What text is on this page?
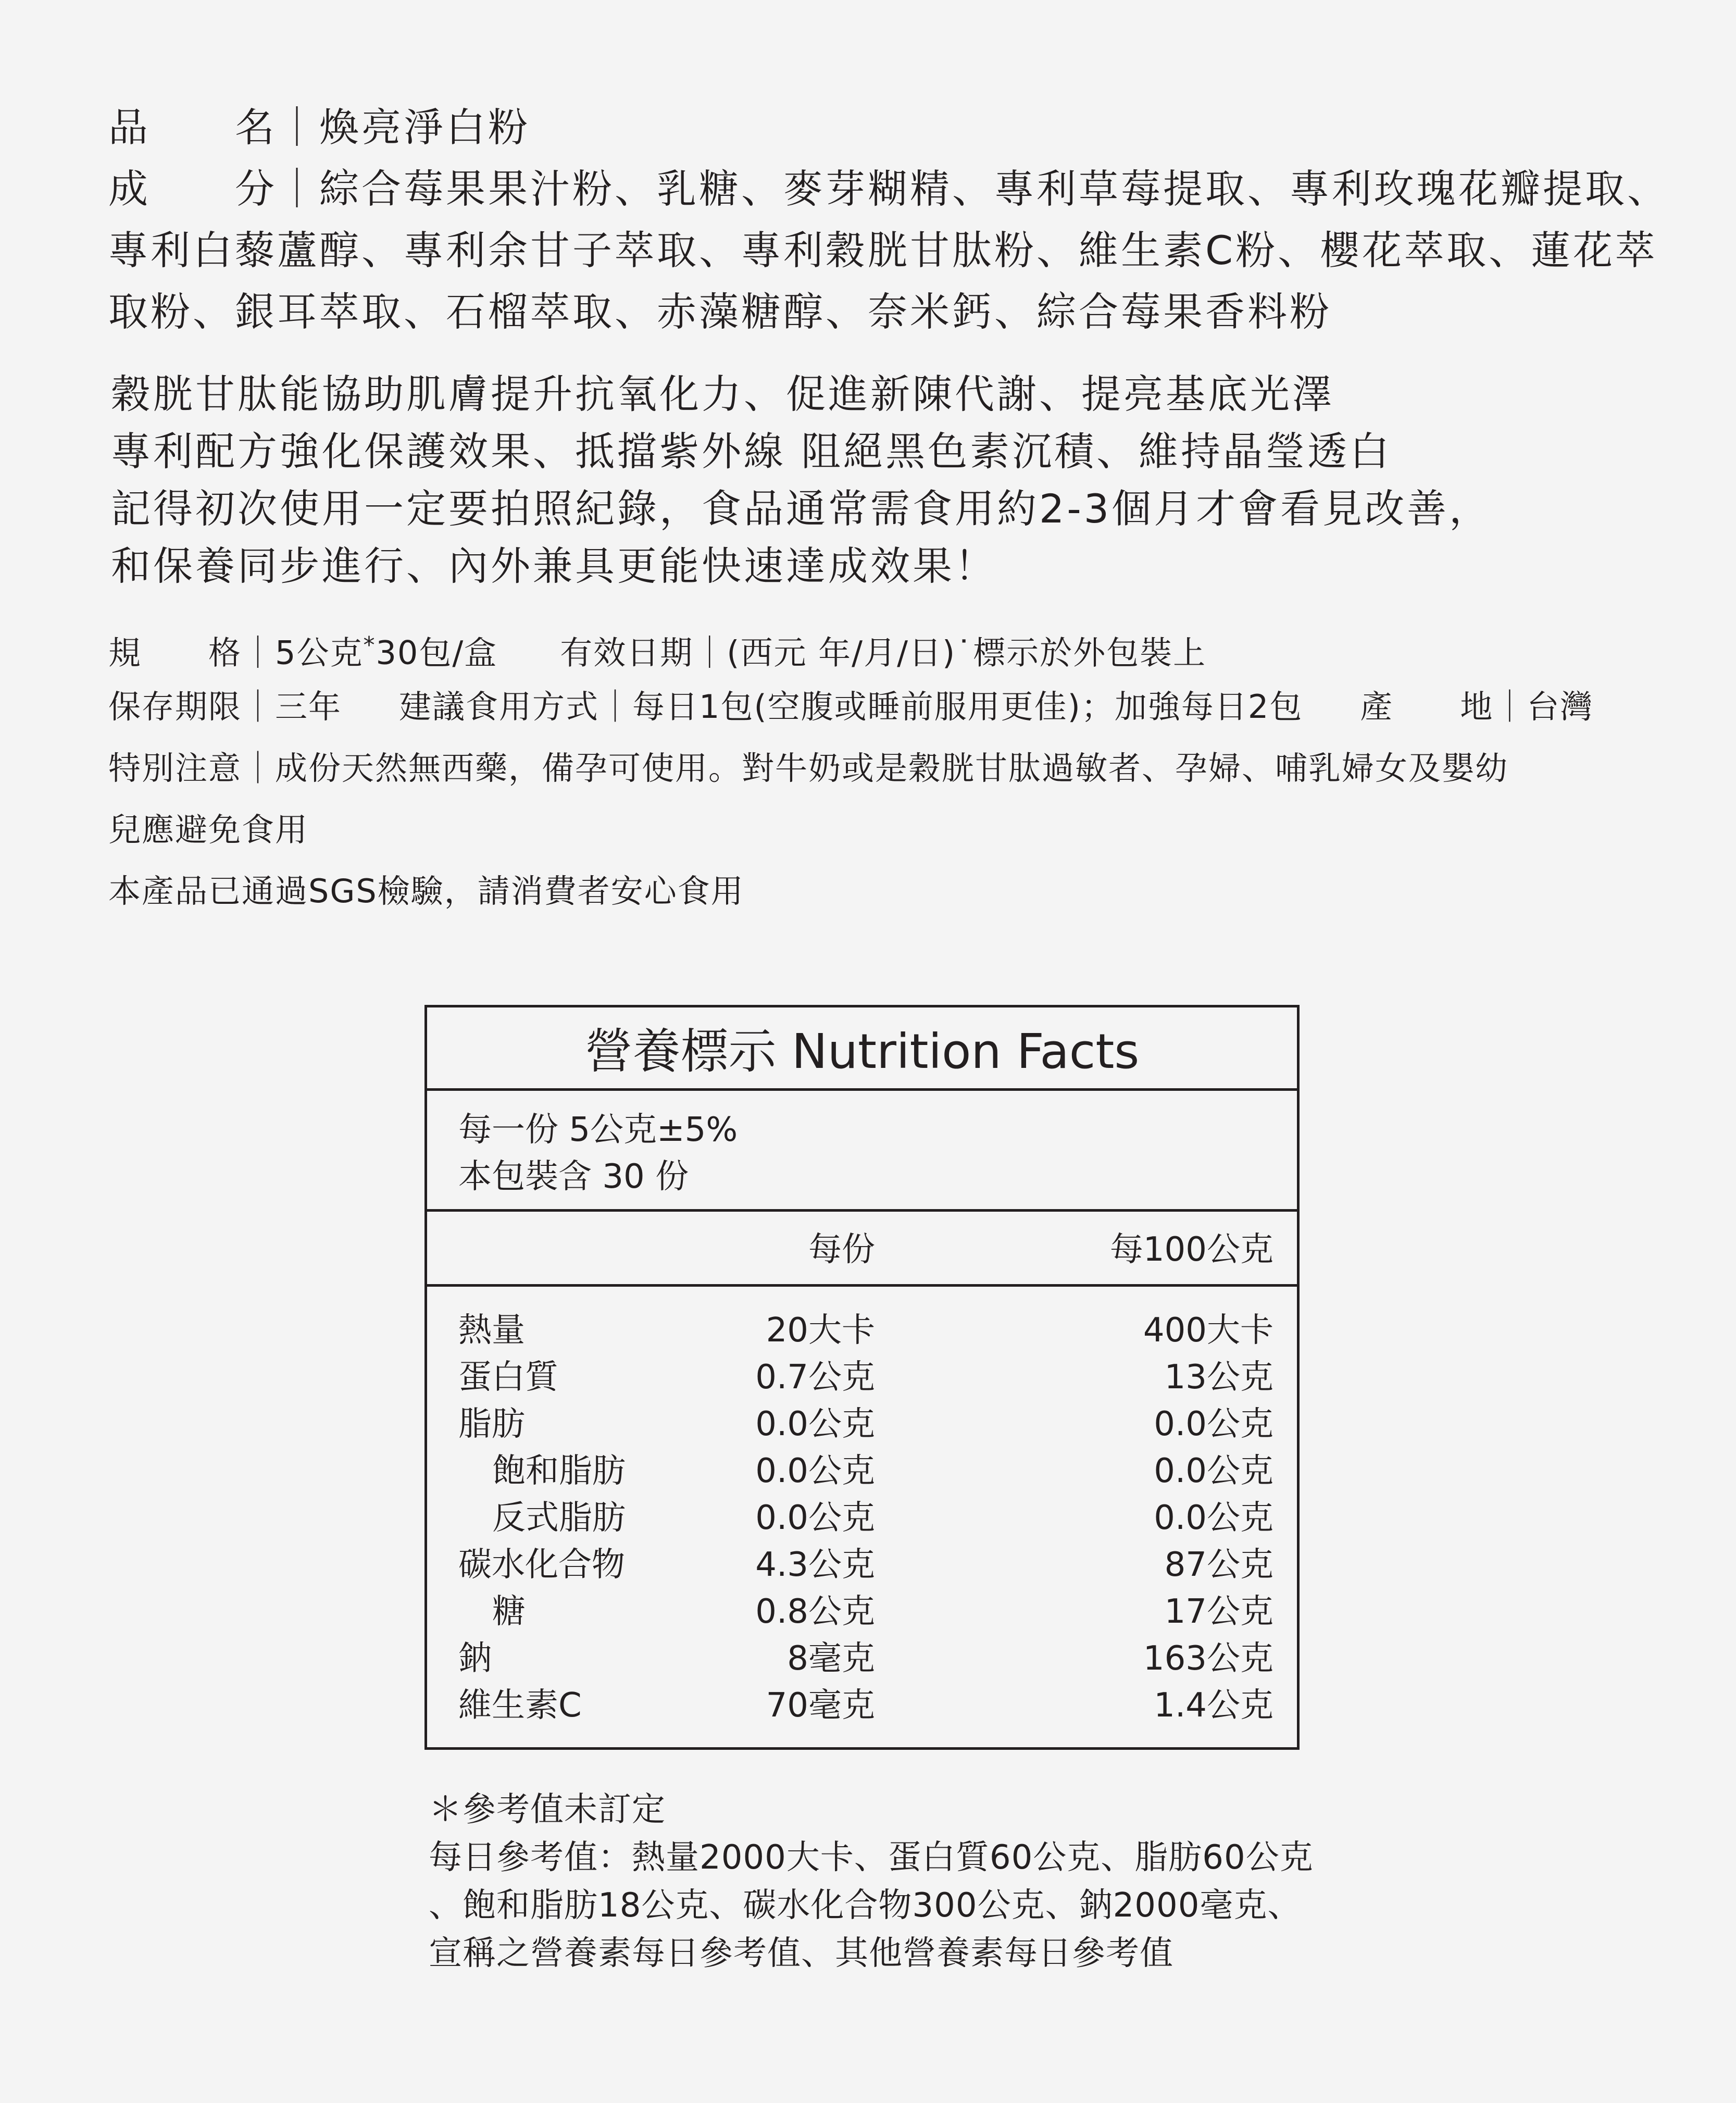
品　　名｜煥亮淨白粉
成　　分｜綜合莓果果汁粉、乳糖、麥芽糊精、專利草莓提取、專利玫瑰花瓣提取、
專利白藜蘆醇、專利余甘子萃取、專利穀胱甘肽粉、維生素C粉、櫻花萃取、蓮花萃
取粉、銀耳萃取、石榴萃取、赤藻糖醇、奈米鈣、綜合莓果香料粉
穀胱甘肽能協助肌膚提升抗氧化力、促進新陳代謝、提亮基底光澤
專利配方強化保護效果、抵擋紫外線 阻絕黑色素沉積、維持晶瑩透白
記得初次使用一定要拍照紀錄，食品通常需食用約2-3個月才會看見改善，
和保養同步進行、內外兼具更能快速達成效果！
規　　格｜5公克*30包/盒 有效日期｜(西元 年/月/日)˙標示於外包裝上
保存期限｜三年 建議食用方式｜每日1包(空腹或睡前服用更佳)；加強每日2包 產　　地｜台灣
特別注意｜成份天然無西藥，備孕可使用。對牛奶或是穀胱甘肽過敏者、孕婦、哺乳婦女及嬰幼
兒應避免食用
本產品已通過SGS檢驗，請消費者安心食用
營養標示 Nutrition Facts
每一份 5公克±5%
本包裝含 30 份
每份	每100公克
熱量	20大卡	400大卡
蛋白質	0.7公克	13公克
脂肪	0.0公克	0.0公克
飽和脂肪	0.0公克	0.0公克
反式脂肪	0.0公克	0.0公克
碳水化合物	4.3公克	87公克
糖	0.8公克	17公克
鈉	8毫克	163公克
維生素C	70毫克	1.4公克
＊參考值未訂定
每日參考值：熱量2000大卡、蛋白質60公克、脂肪60公克
、飽和脂肪18公克、碳水化合物300公克、鈉2000毫克、
宣稱之營養素每日參考值、其他營養素每日參考值
